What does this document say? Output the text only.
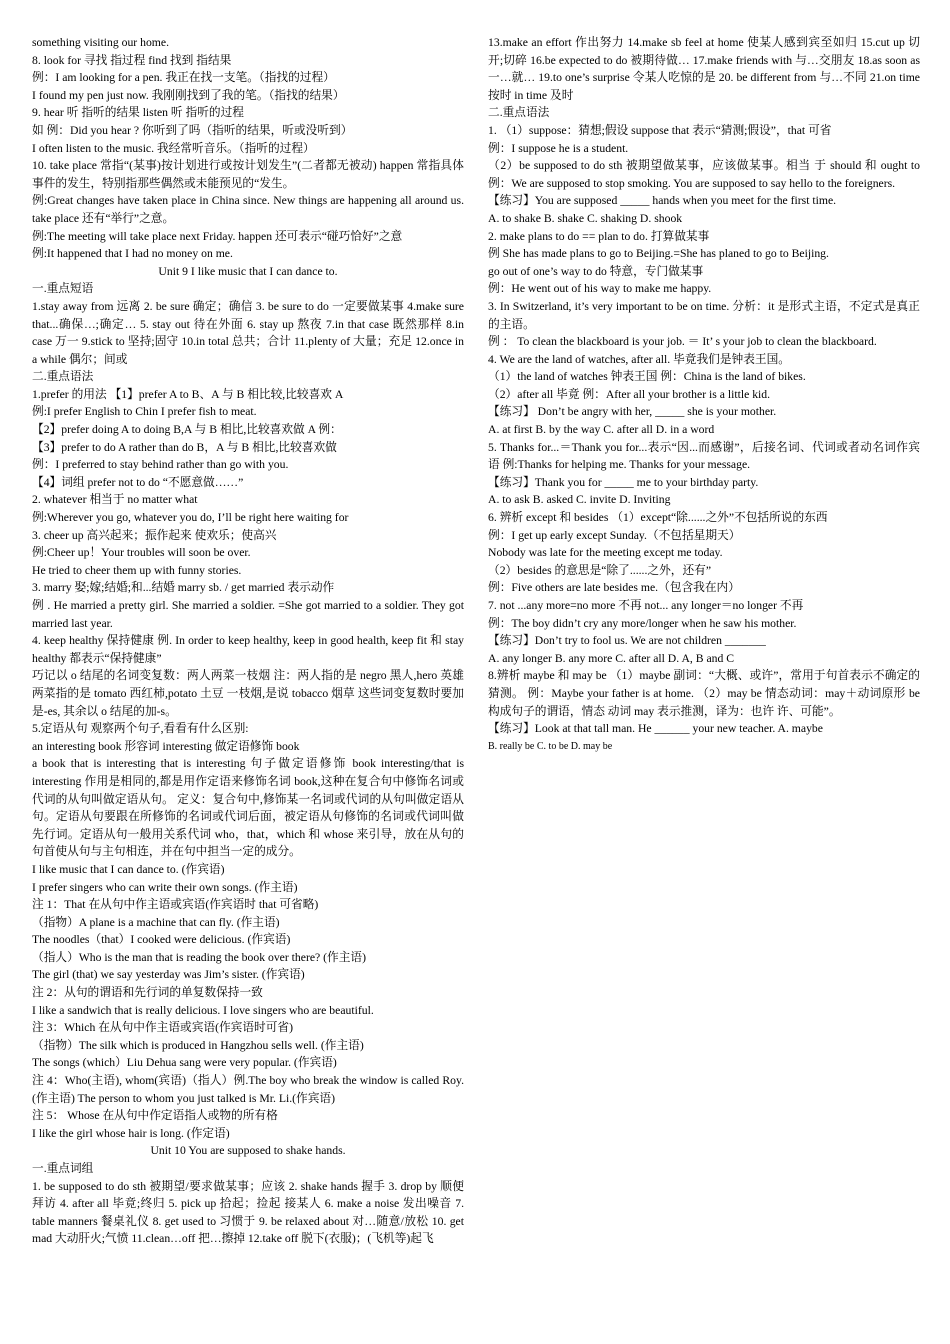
something visiting our home.

8. look for 寻找 指过程 find 找到 指结果

例：I am looking for a pen. 我正在找一支笔。（指找的过程）

I found my pen just now. 我刚刚找到了我的笔。（指找的结果）

9. hear 听 指听的结果 listen 听 指听的过程

如 例：Did you hear ? 你听到了吗（指听的结果，听或没听到）

I often listen to the music. 我经常听音乐。（指听的过程）

10. take place 常指“(某事)按计划进行或按计划发生”(二者都无被动) happen 常指具体事件的发生，特别指那些偶然或未能预见的“发生。

例:Great changes have taken place in China since. New things are happening all around us. take place 还有“举行”之意。

例:The meeting will take place next Friday. happen 还可表示“碰巧恰好”之意

例:It happened that I had no money on me.

Unit 9 I like music that I can dance to.

一.重点短语

1.stay away from 远离 2. be sure 确定；确信 3. be sure to do 一定要做某事 4.make sure that...确保…;确定… 5. stay out 待在外面 6. stay up 熬夜 7.in that case 既然那样 8.in case 万一 9.stick to 坚持;固守 10.in total 总共；合计 11.plenty of 大量；充足 12.once in a while 偶尔；间或

二.重点语法

1.prefer 的用法 【1】prefer A to B、A 与 B 相比较,比较喜欢 A

例:I prefer English to Chin I prefer fish to meat.

【2】prefer doing A to doing B,A 与 B 相比,比较喜欢做 A 例：

【3】prefer to do A rather than do B，A 与 B 相比,比较喜欢做

例：I preferred to stay behind rather than go with you.

【4】词组 prefer not to do “不愿意做……”

2. whatever 相当于 no matter what

例:Wherever you go, whatever you do, I’ll be right here waiting for

3. cheer up 高兴起来；振作起来 使欢乐；使高兴

例:Cheer up！Your troubles will soon be over.

He tried to cheer them up with funny stories.

3. marry 娶;嫁;结婚;和...结婚 marry sb. / get married 表示动作

例 . He married a pretty girl. She married a soldier. =She got married to a soldier. They got married last year.

4. keep healthy 保持健康 例. In order to keep healthy, keep in good health, keep fit 和 stay healthy 都表示“保持健康”

巧记以 o 结尾的名词变复数：两人两菜一枝烟 注：两人指的是 negro 黑人,hero 英雄 两菜指的是 tomato 西红柿,potato 土豆 一枝烟,是说 tobacco 烟草 这些词变复数时要加是-es, 其余以 o 结尾的加-s。

5.定语从句 观察两个句子,看看有什么区别:

an interesting book 形容词 interesting 做定语修饰 book

a book that is interesting that is interesting 句子做定语修饰 book interesting/that is interesting 作用是相同的,都是用作定语来修饰名词 book,这种在复合句中修饰名词或代词的从句叫做定语从句。 定义：复合句中,修饰某一名词或代词的从句叫做定语从句。定语从句要跟在所修饰的名词或代词后面，被定语从句修饰的名词或代词叫做先行词。定语从句一般用关系代词 who，that，which 和 whose 来引导，放在从句的句首使从句与主句相连，并在句中担当一定的成分。

I like music that I can dance to. (作宾语)

I prefer singers who can write their own songs. (作主语)

注 1：That 在从句中作主语或宾语(作宾语时 that 可省略)

（指物）A plane is a machine that can fly. (作主语)

The noodles（that）I cooked were delicious. (作宾语)

（指人）Who is the man that is reading the book over there? (作主语)

The girl (that) we say yesterday was Jim’s sister. (作宾语)

注 2：从句的谓语和先行词的单复数保持一致

I like a sandwich that is really delicious. I love singers who are beautiful.

注 3：Which 在从句中作主语或宾语(作宾语时可省)

（指物）The silk which is produced in Hangzhou sells well. (作主语)

The songs (which）Liu Dehua sang were very popular. (作宾语)

注 4：Who(主语), whom(宾语)（指人）例.The boy who break the window is called Roy. (作主语) The person to whom you just talked is Mr. Li.(作宾语)

注 5： Whose 在从句中作定语指人或物的所有格

I like the girl whose hair is long. (作定语)

Unit 10 You are supposed to shake hands.

一.重点词组

1. be supposed to do sth 被期望/要求做某事；应该 2. shake hands 握手 3. drop by 顺便拜访 4. after all 毕竟;终归 5. pick up 拾起；捡起 接某人 6. make a noise 发出噪音 7. table manners 餐桌礼仪 8. get used to 习惯于 9. be relaxed about 对…随意/放松 10. get mad 大动肝火;气愤 11.clean…off 把…擦掉 12.take off 脱下(衣服)；(飞机等)起飞

13.make an effort 作出努力 14.make sb feel at home 使某人感到宾至如归 15.cut up 切开;切碎 16.be expected to do 被期待做… 17.make friends with 与…交朋友 18.as soon as 一…就… 19.to one’s surprise 令某人吃惊的是 20. be different from 与…不同 21.on time 按时 in time 及时

二.重点语法

1. （1）suppose：猜想;假设 suppose that 表示“猜测;假设”，that 可省

例：I suppose he is a student.

（2）be supposed to do sth 被期望做某事，应该做某事。相当 于 should 和 ought to 例：We are supposed to stop smoking. You are supposed to say hello to the foreigners.

【练习】You are supposed _____ hands when you meet for the first time.

A. to shake B. shake C. shaking D. shook

2. make plans to do == plan to do. 打算做某事

例 She has made plans to go to Beijing.=She has planed to go to Beijing.

go out of one’s way to do 特意，专门做某事

例：He went out of his way to make me happy.

3. In Switzerland, it’s very important to be on time. 分析：it 是形式主语，不定式是真正的主语。

例 ： To clean the blackboard is your job. ＝ It’ s your job to clean the blackboard.

4. We are the land of watches, after all. 毕竟我们是钟表王国。

（1）the land of watches 钟表王国 例：China is the land of bikes.

（2）after all 毕竟 例：After all your brother is a little kid.

【练习】 Don’t be angry with her, _____ she is your mother.

A. at first B. by the way C. after all D. in a word

5. Thanks for...＝Thank you for...表示“因...而感谢”，后接名词、代词或者动名词作宾语 例:Thanks for helping me. Thanks for your message.

【练习】Thank you for _____ me to your birthday party.

A. to ask B. asked C. invite D. Inviting

6. 辨析 except 和 besides （1）except“除......之外”不包括所说的东西

例：I get up early except Sunday.（不包括星期天）

Nobody was late for the meeting except me today.

（2）besides 的意思是“除了......之外，还有”

例：Five others are late besides me.（包含我在内）

7. not ...any more=no more 不再 not... any longer＝no longer 不再

例：The boy didn’t cry any more/longer when he saw his mother.

【练习】Don’t try to fool us. We are not children _______

A. any longer B. any more C. after all D. A, B and C

8.辨析 maybe 和 may be （1）maybe 副词：“大概、或许”，常用于句首表示不确定的猜测。 例：Maybe your father is at home. （2）may be 情态动词：may＋动词原形 be 构成句子的谓语，情态 动词 may 表示推测，译为：也许 许、可能”。

【练习】Look at that tall man. He ______ your new teacher. A. maybe

B. really be C. to be D. may be
